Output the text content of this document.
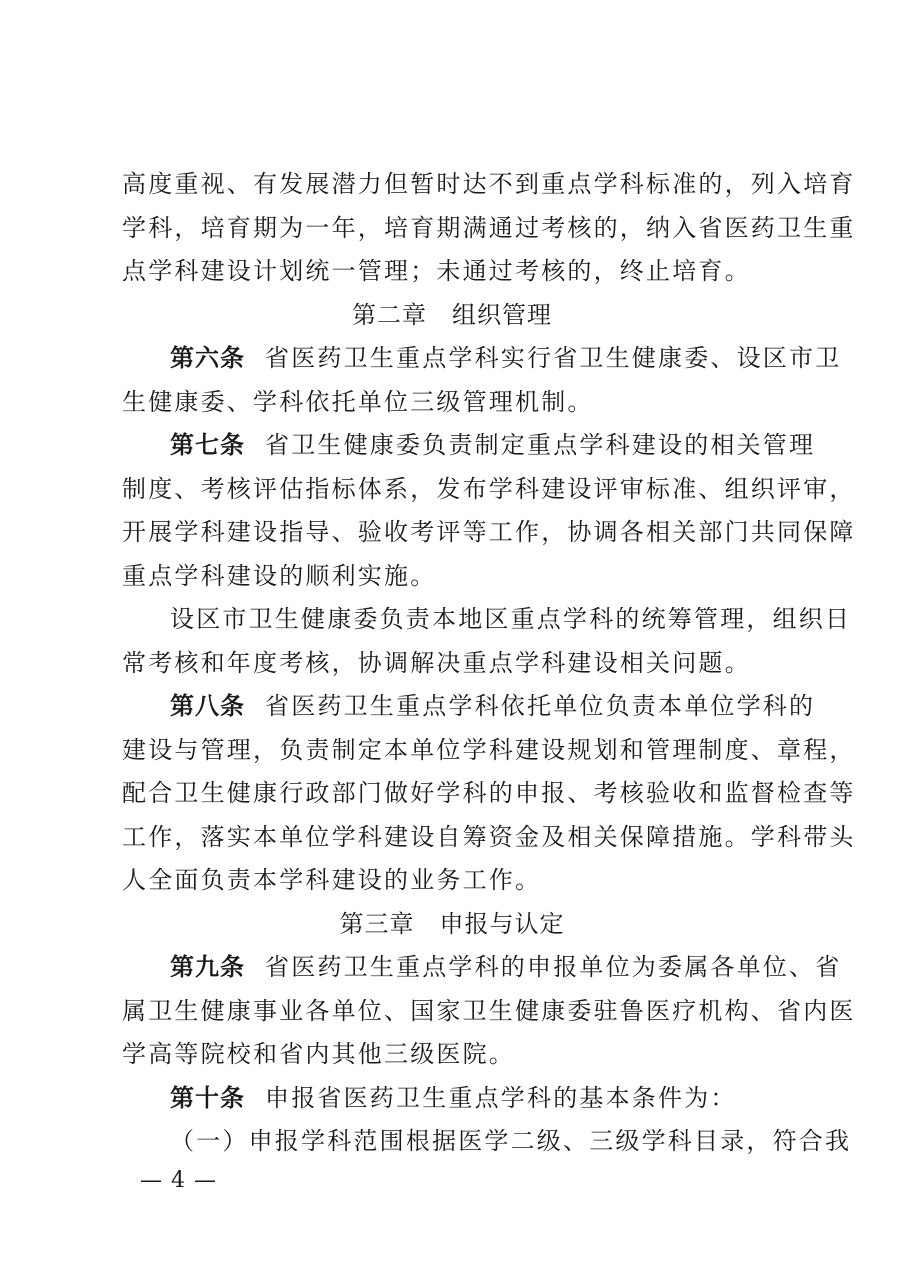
高度重视、有发展潜力但暂时达不到重点学科标准的，列入培育
学科，培育期为一年，培育期满通过考核的，纳入省医药卫生重
点学科建设计划统一管理；未通过考核的，终止培育。
第二章　组织管理
第六条 省医药卫生重点学科实行省卫生健康委、设区市卫
生健康委、学科依托单位三级管理机制。
第七条 省卫生健康委负责制定重点学科建设的相关管理
制度、考核评估指标体系，发布学科建设评审标准、组织评审，
开展学科建设指导、验收考评等工作，协调各相关部门共同保障
重点学科建设的顺利实施。
设区市卫生健康委负责本地区重点学科的统筹管理，组织日
常考核和年度考核，协调解决重点学科建设相关问题。
第八条 省医药卫生重点学科依托单位负责本单位学科的
建设与管理，负责制定本单位学科建设规划和管理制度、章程，
配合卫生健康行政部门做好学科的申报、考核验收和监督检查等
工作，落实本单位学科建设自筹资金及相关保障措施。学科带头
人全面负责本学科建设的业务工作。
第三章　申报与认定
第九条 省医药卫生重点学科的申报单位为委属各单位、省
属卫生健康事业各单位、国家卫生健康委驻鲁医疗机构、省内医
学高等院校和省内其他三级医院。
第十条 申报省医药卫生重点学科的基本条件为：
（一）申报学科范围根据医学二级、三级学科目录，符合我
— 4 —
